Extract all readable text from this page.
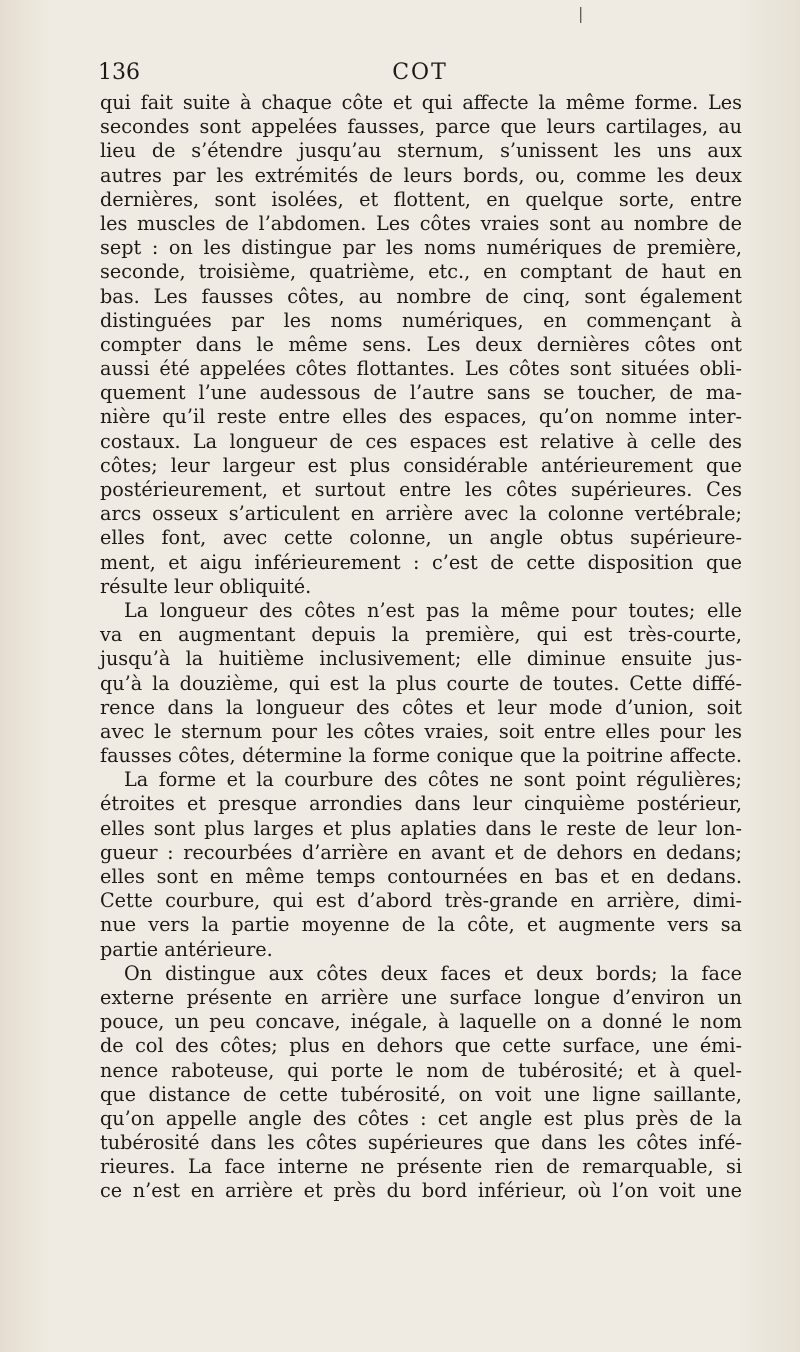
|
136	COT
qui fait suite à chaque côte et qui affecte la même forme. Les
secondes sont appelées fausses, parce que leurs cartilages, au
lieu de s’étendre jusqu’au sternum, s’unissent les uns aux
autres par les extrémités de leurs bords, ou, comme les deux
dernières, sont isolées, et flottent, en quelque sorte, entre
les muscles de l’abdomen. Les côtes vraies sont au nombre de
sept : on les distingue par les noms numériques de première,
seconde, troisième, quatrième, etc., en comptant de haut en
bas. Les fausses côtes, au nombre de cinq, sont également
distinguées par les noms numériques, en commençant à
compter dans le même sens. Les deux dernières côtes ont
aussi été appelées côtes flottantes. Les côtes sont situées obli-
quement l’une audessous de l’autre sans se toucher, de ma-
nière qu’il reste entre elles des espaces, qu’on nomme inter-
costaux. La longueur de ces espaces est relative à celle des
côtes; leur largeur est plus considérable antérieurement que
postérieurement, et surtout entre les côtes supérieures. Ces
arcs osseux s’articulent en arrière avec la colonne vertébrale;
elles font, avec cette colonne, un angle obtus supérieure-
ment, et aigu inférieurement : c’est de cette disposition que
résulte leur obliquité.
La longueur des côtes n’est pas la même pour toutes; elle
va en augmentant depuis la première, qui est très-courte,
jusqu’à la huitième inclusivement; elle diminue ensuite jus-
qu’à la douzième, qui est la plus courte de toutes. Cette diffé-
rence dans la longueur des côtes et leur mode d’union, soit
avec le sternum pour les côtes vraies, soit entre elles pour les
fausses côtes, détermine la forme conique que la poitrine affecte.
La forme et la courbure des côtes ne sont point régulières;
étroites et presque arrondies dans leur cinquième postérieur,
elles sont plus larges et plus aplaties dans le reste de leur lon-
gueur : recourbées d’arrière en avant et de dehors en dedans;
elles sont en même temps contournées en bas et en dedans.
Cette courbure, qui est d’abord très-grande en arrière, dimi-
nue vers la partie moyenne de la côte, et augmente vers sa
partie antérieure.
On distingue aux côtes deux faces et deux bords; la face
externe présente en arrière une surface longue d’environ un
pouce, un peu concave, inégale, à laquelle on a donné le nom
de col des côtes; plus en dehors que cette surface, une émi-
nence raboteuse, qui porte le nom de tubérosité; et à quel-
que distance de cette tubérosité, on voit une ligne saillante,
qu’on appelle angle des côtes : cet angle est plus près de la
tubérosité dans les côtes supérieures que dans les côtes infé-
rieures. La face interne ne présente rien de remarquable, si
ce n’est en arrière et près du bord inférieur, où l’on voit une
